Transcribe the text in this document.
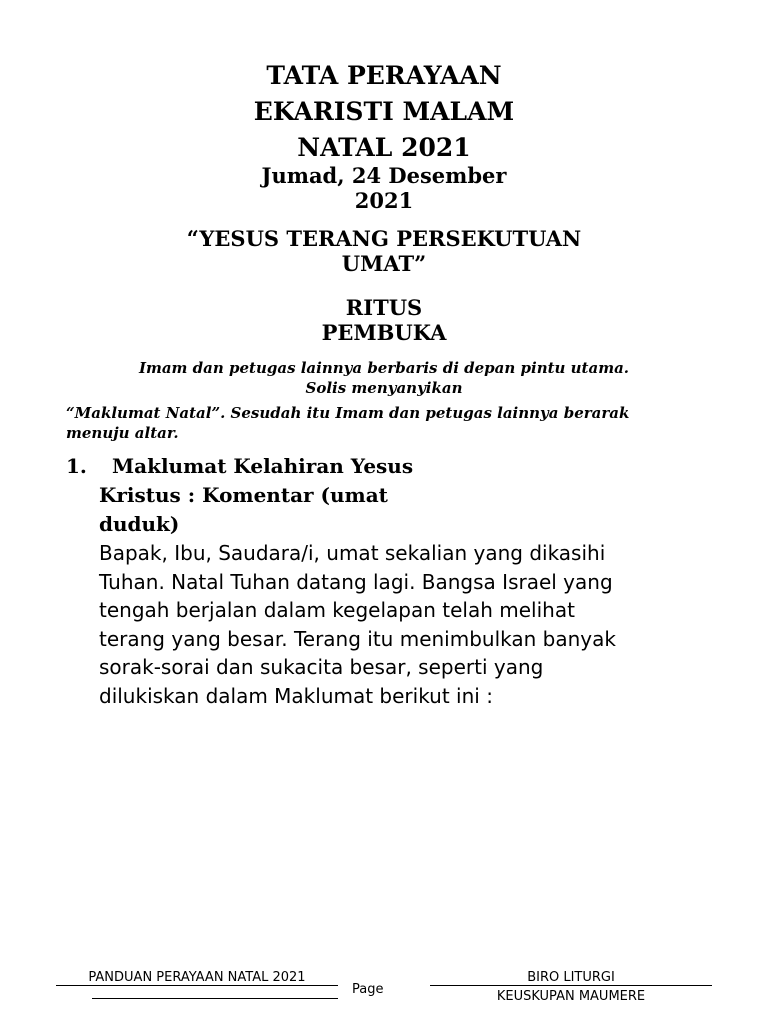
TATA PERAYAAN
EKARISTI MALAM
NATAL 2021
Jumad, 24 Desember
2021
“YESUS TERANG PERSEKUTUAN
UMAT”
RITUS
PEMBUKA
Imam dan petugas lainnya berbaris di depan pintu utama.
Solis menyanyikan
“Maklumat Natal”. Sesudah itu Imam dan petugas lainnya berarak
menuju altar.
1.	Maklumat Kelahiran Yesus
Kristus : Komentar (umat
duduk)
Bapak, Ibu, Saudara/i, umat sekalian yang dikasihi
Tuhan. Natal Tuhan datang lagi. Bangsa Israel yang
tengah berjalan dalam kegelapan telah melihat
terang yang besar. Terang itu menimbulkan banyak
sorak-sorai dan sukacita besar, seperti yang
dilukiskan dalam Maklumat berikut ini :
PANDUAN PERAYAAN NATAL 2021
Page
BIRO LITURGI
KEUSKUPAN MAUMERE
